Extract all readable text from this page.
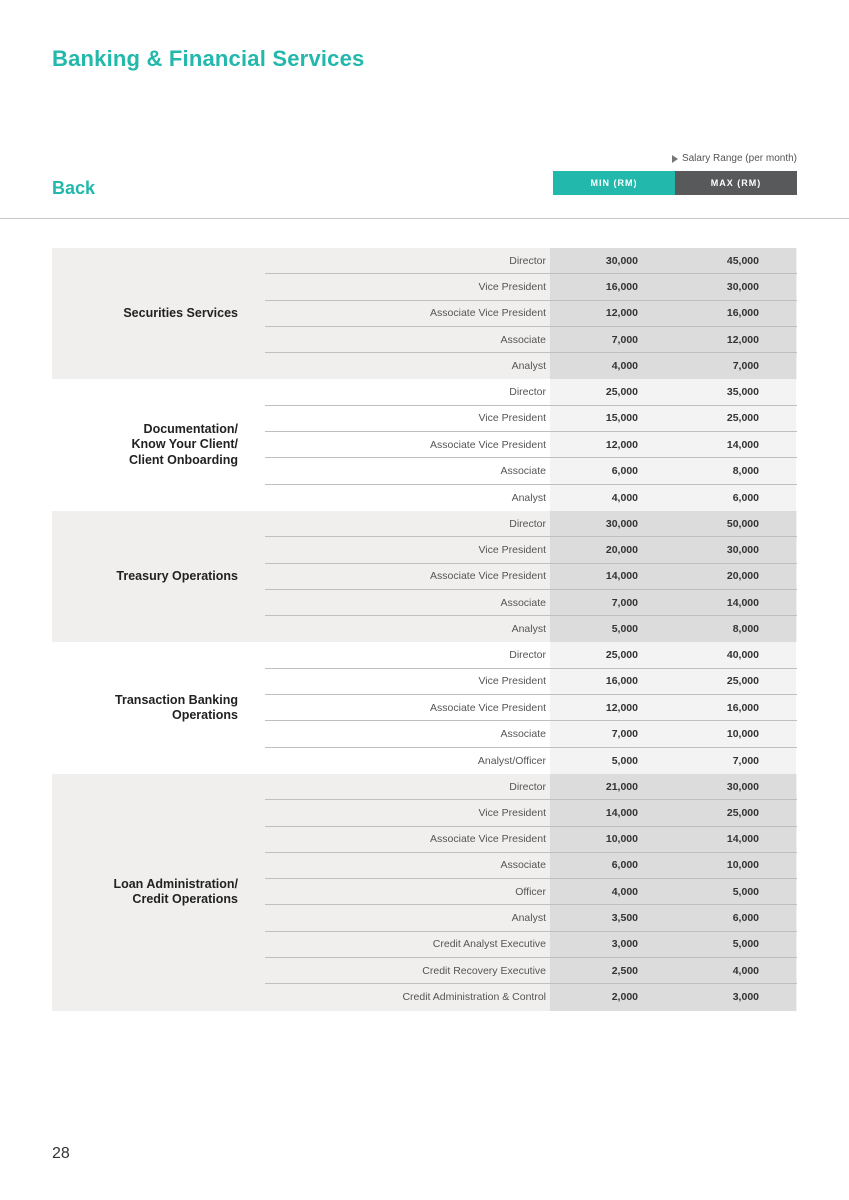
Banking & Financial Services
Back
Salary Range (per month)
MIN (RM)	MAX (RM)
Securities Services
Director	30,000	45,000
Vice President	16,000	30,000
Associate Vice President	12,000	16,000
Associate	7,000	12,000
Analyst	4,000	7,000
Documentation/
Know Your Client/
Client Onboarding
Director	25,000	35,000
Vice President	15,000	25,000
Associate Vice President	12,000	14,000
Associate	6,000	8,000
Analyst	4,000	6,000
Treasury Operations
Director	30,000	50,000
Vice President	20,000	30,000
Associate Vice President	14,000	20,000
Associate	7,000	14,000
Analyst	5,000	8,000
Transaction Banking
Operations
Director	25,000	40,000
Vice President	16,000	25,000
Associate Vice President	12,000	16,000
Associate	7,000	10,000
Analyst/Officer	5,000	7,000
Loan Administration/
Credit Operations
Director	21,000	30,000
Vice President	14,000	25,000
Associate Vice President	10,000	14,000
Associate	6,000	10,000
Officer	4,000	5,000
Analyst	3,500	6,000
Credit Analyst Executive	3,000	5,000
Credit Recovery Executive	2,500	4,000
Credit Administration & Control	2,000	3,000
28
